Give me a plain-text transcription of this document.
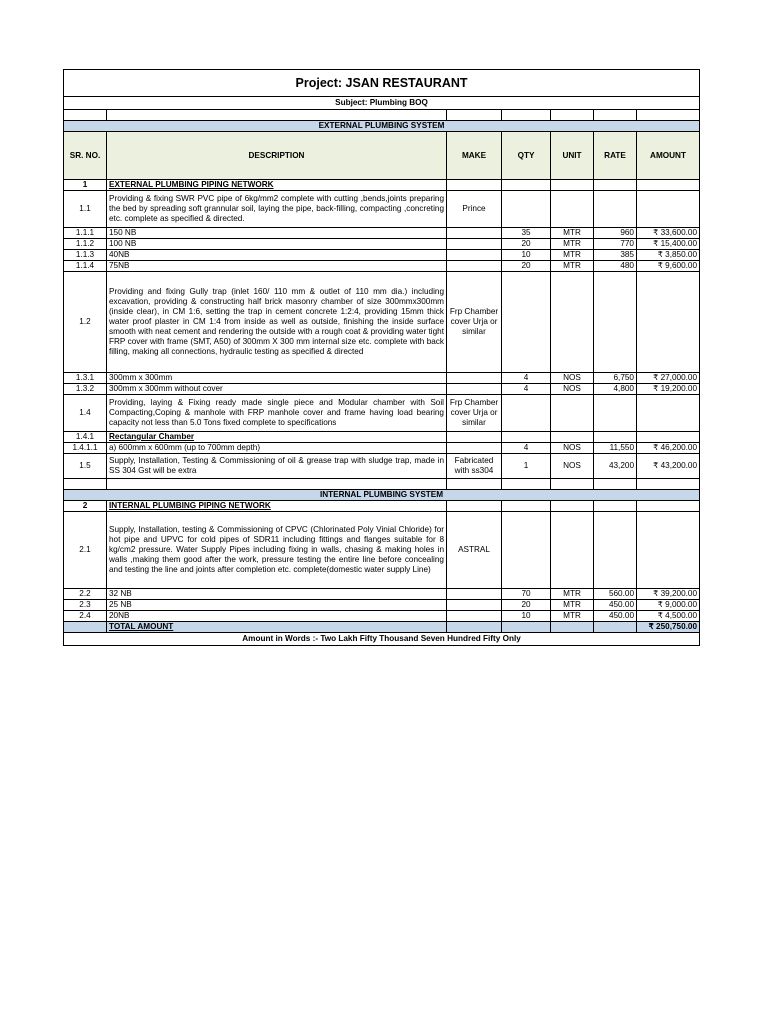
Project: JSAN RESTAURANT						
Subject: Plumbing BOQ						

EXTERNAL PLUMBING SYSTEM						
SR. NO.	DESCRIPTION	MAKE	QTY	UNIT	RATE	AMOUNT
1	EXTERNAL PLUMBING PIPING NETWORK					
1.1	Providing & fixing SWR PVC pipe of 6kg/mm2 complete with cutting ,bends,joints preparing the bed by spreading soft grannular soil, laying the pipe, back-filling, compacting ,concreting etc. complete as specified & directed.	Prince				
1.1.1	150 NB		35	MTR	960	₹ 33,600.00
1.1.2	100 NB		20	MTR	770	₹ 15,400.00
1.1.3	40NB		10	MTR	385	₹ 3,850.00
1.1.4	75NB		20	MTR	480	₹ 9,600.00
1.2	Providing and fixing Gully trap (inlet 160/ 110 mm & outlet of 110 mm dia.) including excavation, providing & constructing half brick masonry chamber of size 300mmx300mm (inside clear), in CM 1:6, setting the trap in cement concrete 1:2:4, providing 15mm thick water proof plaster in CM 1:4 from inside as well as outside, finishing the inside surface smooth with neat cement and rendering the outside with a rough coat & providing water tight FRP cover with frame (SMT, A50) of 300mm X 300 mm internal size etc. complete with back filling, making all connections, hydraulic testing as specified & directed	Frp Chamber cover Urja or similar				
1.3.1	300mm x 300mm		4	NOS	6,750	₹ 27,000.00
1.3.2	300mm x 300mm without cover		4	NOS	4,800	₹ 19,200.00
1.4	Providing, laying & Fixing ready made single piece and Modular chamber with Soil Compacting,Coping & manhole with FRP manhole cover and frame having load bearing capacity not less than 5.0 Tons fixed complete to specifications	Frp Chamber cover Urja or similar				
1.4.1	Rectangular Chamber					
1.4.1.1	a) 600mm x 600mm (up to 700mm depth)		4	NOS	11,550	₹ 46,200.00
1.5	Supply, Installation, Testing & Commissioning of oil & grease trap with sludge trap, made in SS 304 Gst will be extra	Fabricated with ss304	1	NOS	43,200	₹ 43,200.00

INTERNAL PLUMBING SYSTEM						
2	INTERNAL PLUMBING PIPING NETWORK					
2.1	Supply, Installation, testing & Commissioning of CPVC (Chlorinated Poly Vinial Chloride) for hot pipe and UPVC for cold pipes of SDR11 including fittings and flanges suitable for 8 kg/cm2 pressure. Water Supply Pipes including fixing in walls, chasing & making holes in walls ,making them good after the work, pressure testing the entire line before concealing and testing the line and joints after completion etc. complete(domestic water supply Line)	ASTRAL				
2.2	32 NB		70	MTR	560.00	₹ 39,200.00
2.3	25 NB		20	MTR	450.00	₹ 9,000.00
2.4	20NB		10	MTR	450.00	₹ 4,500.00
	TOTAL AMOUNT					₹ 250,750.00
Amount in Words :- Two Lakh Fifty Thousand Seven Hundred Fifty Only						
